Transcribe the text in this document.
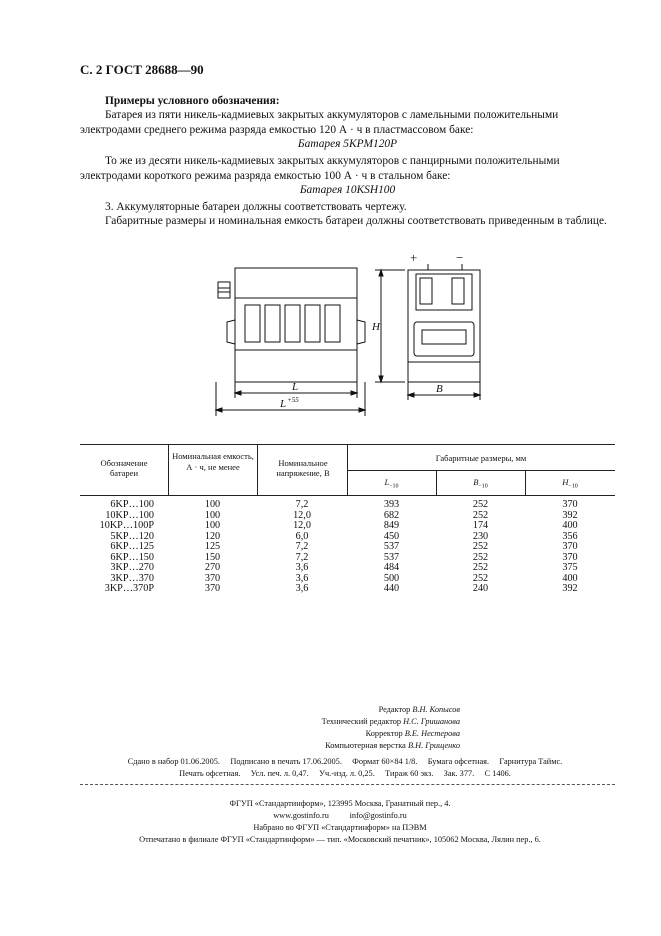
С. 2 ГОСТ 28688—90
Примеры условного обозначения:
Батарея из пяти никель-кадмиевых закрытых аккумуляторов с ламельными положительными электродами среднего режима разряда емкостью 120 А · ч в пластмассовом баке:
Батарея 5KPM120P
То же из десяти никель-кадмиевых закрытых аккумуляторов с панцирными положительными электродами короткого режима разряда емкостью 100 А · ч в стальном баке:
Батарея 10KSH100
3. Аккумуляторные батареи должны соответствовать чертежу.
Габаритные размеры и номинальная емкость батареи должны соответствовать приведенным в таблице.
+	−
L
L +55
H
B
Обозначение батареи
Номинальная емкость, А · ч, не менее	Номинальное напряжение, В
Габаритные размеры, мм
$L_{-10}$	$B_{-10}$	$H_{-10}$
6KP…100	100	7,2	393	252	370
10KP…100	100	12,0	682	252	392
10KP…100P	100	12,0	849	174	400
5KP…120	120	6,0	450	230	356
6KP…125	125	7,2	537	252	370
6KP…150	150	7,2	537	252	370
3KP…270	270	3,6	484	252	375
3KP…370	370	3,6	500	252	400
3KP…370P	370	3,6	440	240	392
Редактор В.Н. Копысов
Технический редактор Н.С. Гришанова
Корректор В.Е. Нестерова
Компьютерная верстка В.Н. Грищенко
Сдано в набор 01.06.2005.     Подписано в печать 17.06.2005.     Формат 60×84 1/8.     Бумага офсетная.     Гарнитура Таймс.
Печать офсетная.     Усл. печ. л. 0,47.     Уч.-изд. л. 0,25.     Тираж 60 экз.     Зак. 377.     С 1406.
ФГУП «Стандартинформ», 123995 Москва, Гранатный пер., 4.
www.gostinfo.ru          info@gostinfo.ru
Набрано во ФГУП «Стандартинформ» на ПЭВМ
Отпечатано в филиале ФГУП «Стандартинформ» — тип. «Московский печатник», 105062 Москва, Лялин пер., 6.
